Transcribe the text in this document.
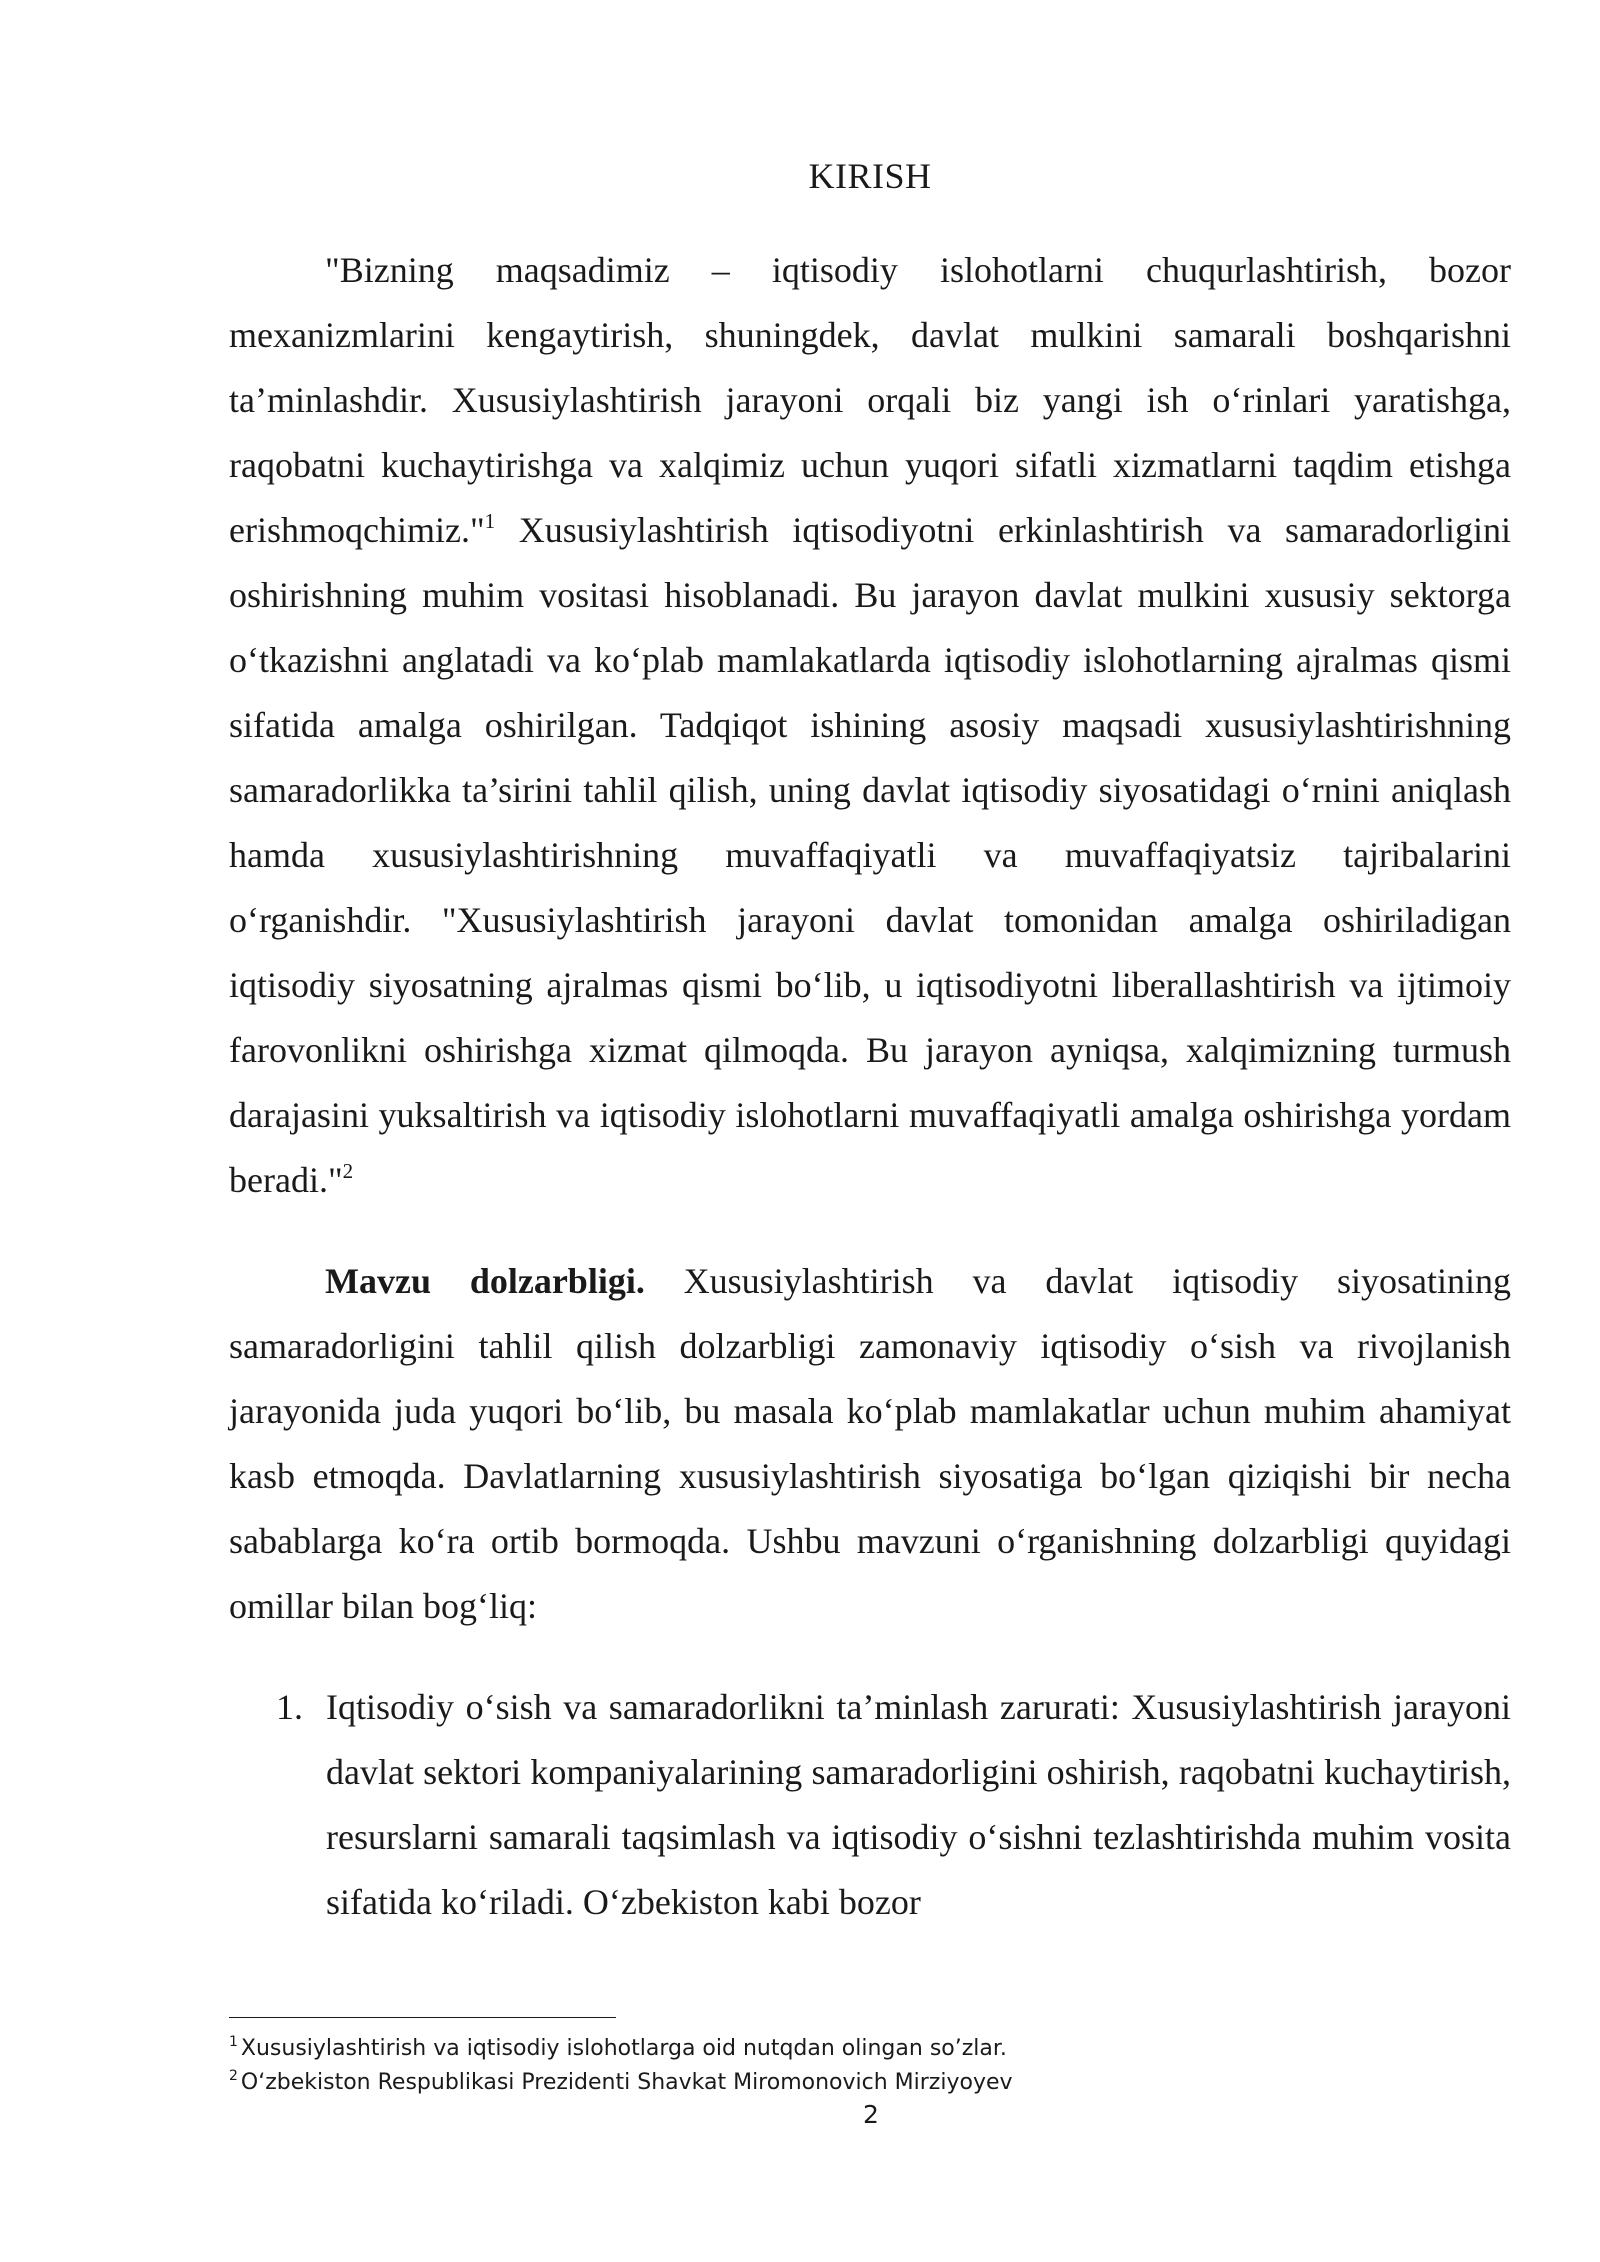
KIRISH

"Bizning maqsadimiz – iqtisodiy islohotlarni chuqurlashtirish, bozor mexanizmlarini kengaytirish, shuningdek, davlat mulkini samarali boshqarishni ta’minlashdir. Xususiylashtirish jarayoni orqali biz yangi ish o‘rinlari yaratishga, raqobatni kuchaytirishga va xalqimiz uchun yuqori sifatli xizmatlarni taqdim etishga erishmoqchimiz."$^1$ Xususiylashtirish iqtisodiyotni erkinlashtirish va samaradorligini oshirishning muhim vositasi hisoblanadi. Bu jarayon davlat mulkini xususiy sektorga o‘tkazishni anglatadi va ko‘plab mamlakatlarda iqtisodiy islohotlarning ajralmas qismi sifatida amalga oshirilgan. Tadqiqot ishining asosiy maqsadi xususiylashtirishning samaradorlikka ta’sirini tahlil qilish, uning davlat iqtisodiy siyosatidagi o‘rnini aniqlash hamda xususiylashtirishning muvaffaqiyatli va muvaffaqiyatsiz tajribalarini o‘rganishdir. "Xususiylashtirish jarayoni davlat tomonidan amalga oshiriladigan iqtisodiy siyosatning ajralmas qismi bo‘lib, u iqtisodiyotni liberallashtirish va ijtimoiy farovonlikni oshirishga xizmat qilmoqda. Bu jarayon ayniqsa, xalqimizning turmush darajasini yuksaltirish va iqtisodiy islohotlarni muvaffaqiyatli amalga oshirishga yordam beradi."$^2$

Mavzu dolzarbligi. Xususiylashtirish va davlat iqtisodiy siyosatining samaradorligini tahlil qilish dolzarbligi zamonaviy iqtisodiy o‘sish va rivojlanish jarayonida juda yuqori bo‘lib, bu masala ko‘plab mamlakatlar uchun muhim ahamiyat kasb etmoqda. Davlatlarning xususiylashtirish siyosatiga bo‘lgan qiziqishi bir necha sabablarga ko‘ra ortib bormoqda. Ushbu mavzuni o‘rganishning dolzarbligi quyidagi omillar bilan bog‘liq:

1. Iqtisodiy o‘sish va samaradorlikni ta’minlash zarurati: Xususiylashtirish jarayoni davlat sektori kompaniyalarining samaradorligini oshirish, raqobatni kuchaytirish, resurslarni samarali taqsimlash va iqtisodiy o‘sishni tezlashtirishda muhim vosita sifatida ko‘riladi. O‘zbekiston kabi bozor
$^1$ Xususiylashtirish va iqtisodiy islohotlarga oid nutqdan olingan so’zlar.
$^2$ O‘zbekiston Respublikasi Prezidenti Shavkat Miromonovich Mirziyoyev
2
